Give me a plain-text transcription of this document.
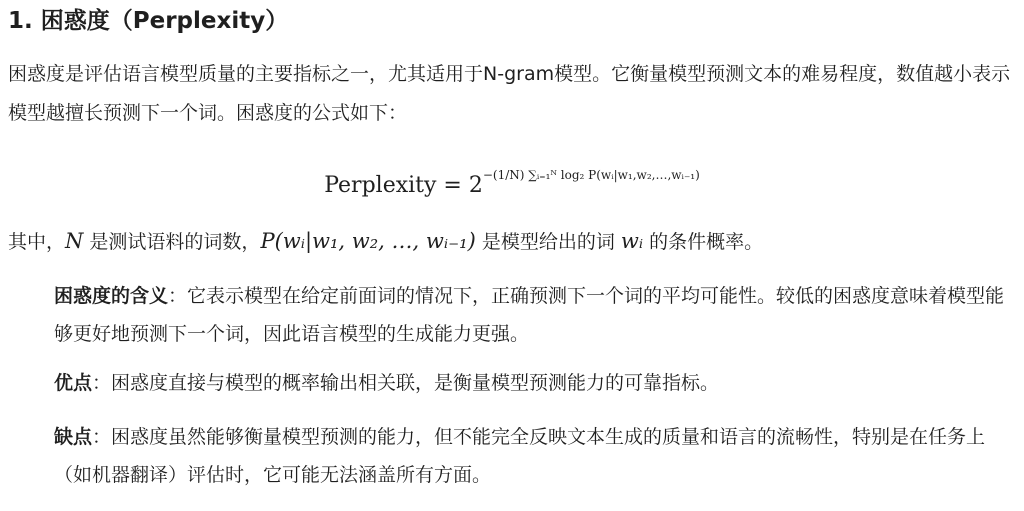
1. 困惑度（Perplexity）

困惑度是评估语言模型质量的主要指标之一，尤其适用于N-gram模型。它衡量模型预测文本的难易程度，数值越小表示模型越擅长预测下一个词。困惑度的公式如下：

Perplexity = $2^{-(1/N) \sum ᵢ_{=1}ᴺ log_2 P(wᵢ|w_1,w_2,\dots,wᵢ_{-1})}$

其中，N 是测试语料的词数，P(wᵢ|w₁, w₂, …, wᵢ₋₁) 是模型给出的词 wᵢ 的条件概率。

困惑度的含义：它表示模型在给定前面词的情况下，正确预测下一个词的平均可能性。较低的困惑度意味着模型能够更好地预测下一个词，因此语言模型的生成能力更强。

优点：困惑度直接与模型的概率输出相关联，是衡量模型预测能力的可靠指标。

缺点：困惑度虽然能够衡量模型预测的能力，但不能完全反映文本生成的质量和语言的流畅性，特别是在任务上（如机器翻译）评估时，它可能无法涵盖所有方面。
